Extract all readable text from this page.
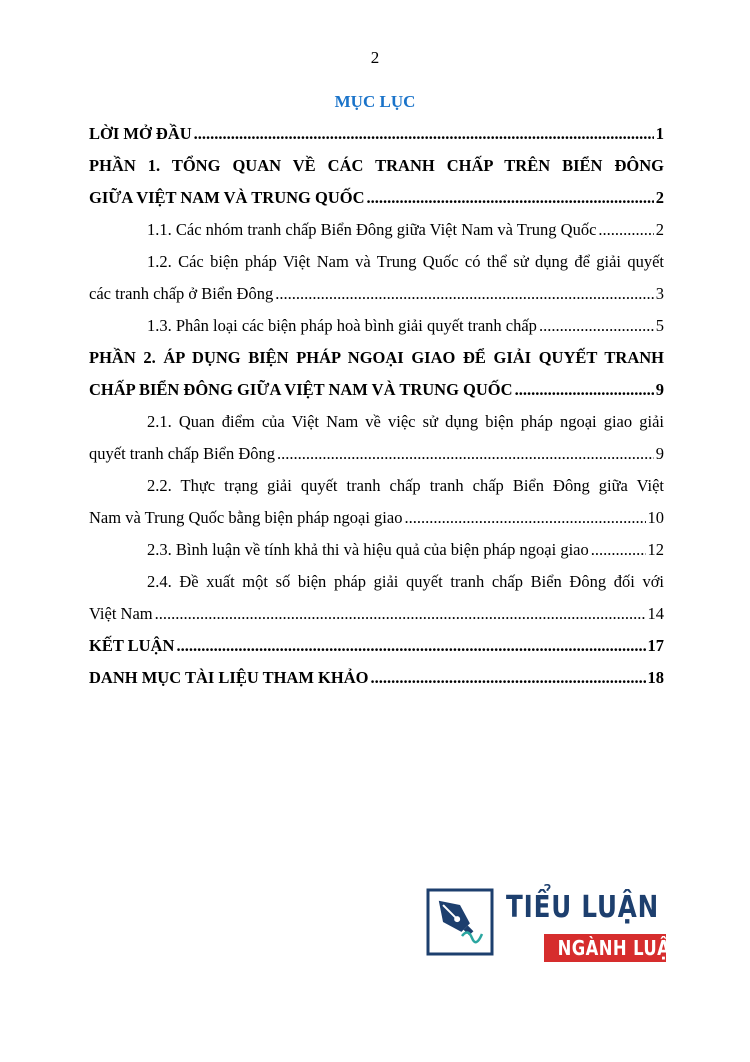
2
MỤC LỤC
LỜI MỞ ĐẦU .....	1
PHẦN 1. TỔNG QUAN VỀ CÁC TRANH CHẤP TRÊN BIỂN ĐÔNG
GIỮA VIỆT NAM VÀ TRUNG QUỐC .....	2
1.1. Các nhóm tranh chấp Biển Đông giữa Việt Nam và Trung Quốc .....	2
1.2. Các biện pháp Việt Nam và Trung Quốc có thể sử dụng để giải quyết
các tranh chấp ở Biển Đông .....	3
1.3. Phân loại các biện pháp hoà bình giải quyết tranh chấp .....	5
PHẦN 2. ÁP DỤNG BIỆN PHÁP NGOẠI GIAO ĐỂ GIẢI QUYẾT TRANH
CHẤP BIỂN ĐÔNG GIỮA VIỆT NAM VÀ TRUNG QUỐC .....	9
2.1. Quan điểm của Việt Nam về việc sử dụng biện pháp ngoại giao giải
quyết tranh chấp Biển Đông .....	9
2.2. Thực trạng giải quyết tranh chấp tranh chấp Biển Đông giữa Việt
Nam và Trung Quốc bằng biện pháp ngoại giao .....	10
2.3. Bình luận về tính khả thi và hiệu quả của biện pháp ngoại giao .....	12
2.4. Đề xuất một số biện pháp giải quyết tranh chấp Biển Đông đối với
Việt Nam .....	14
KẾT LUẬN .....	17
DANH MỤC TÀI LIỆU THAM KHẢO .....	18
TIỂU LUẬN
NGÀNH LUẬT
